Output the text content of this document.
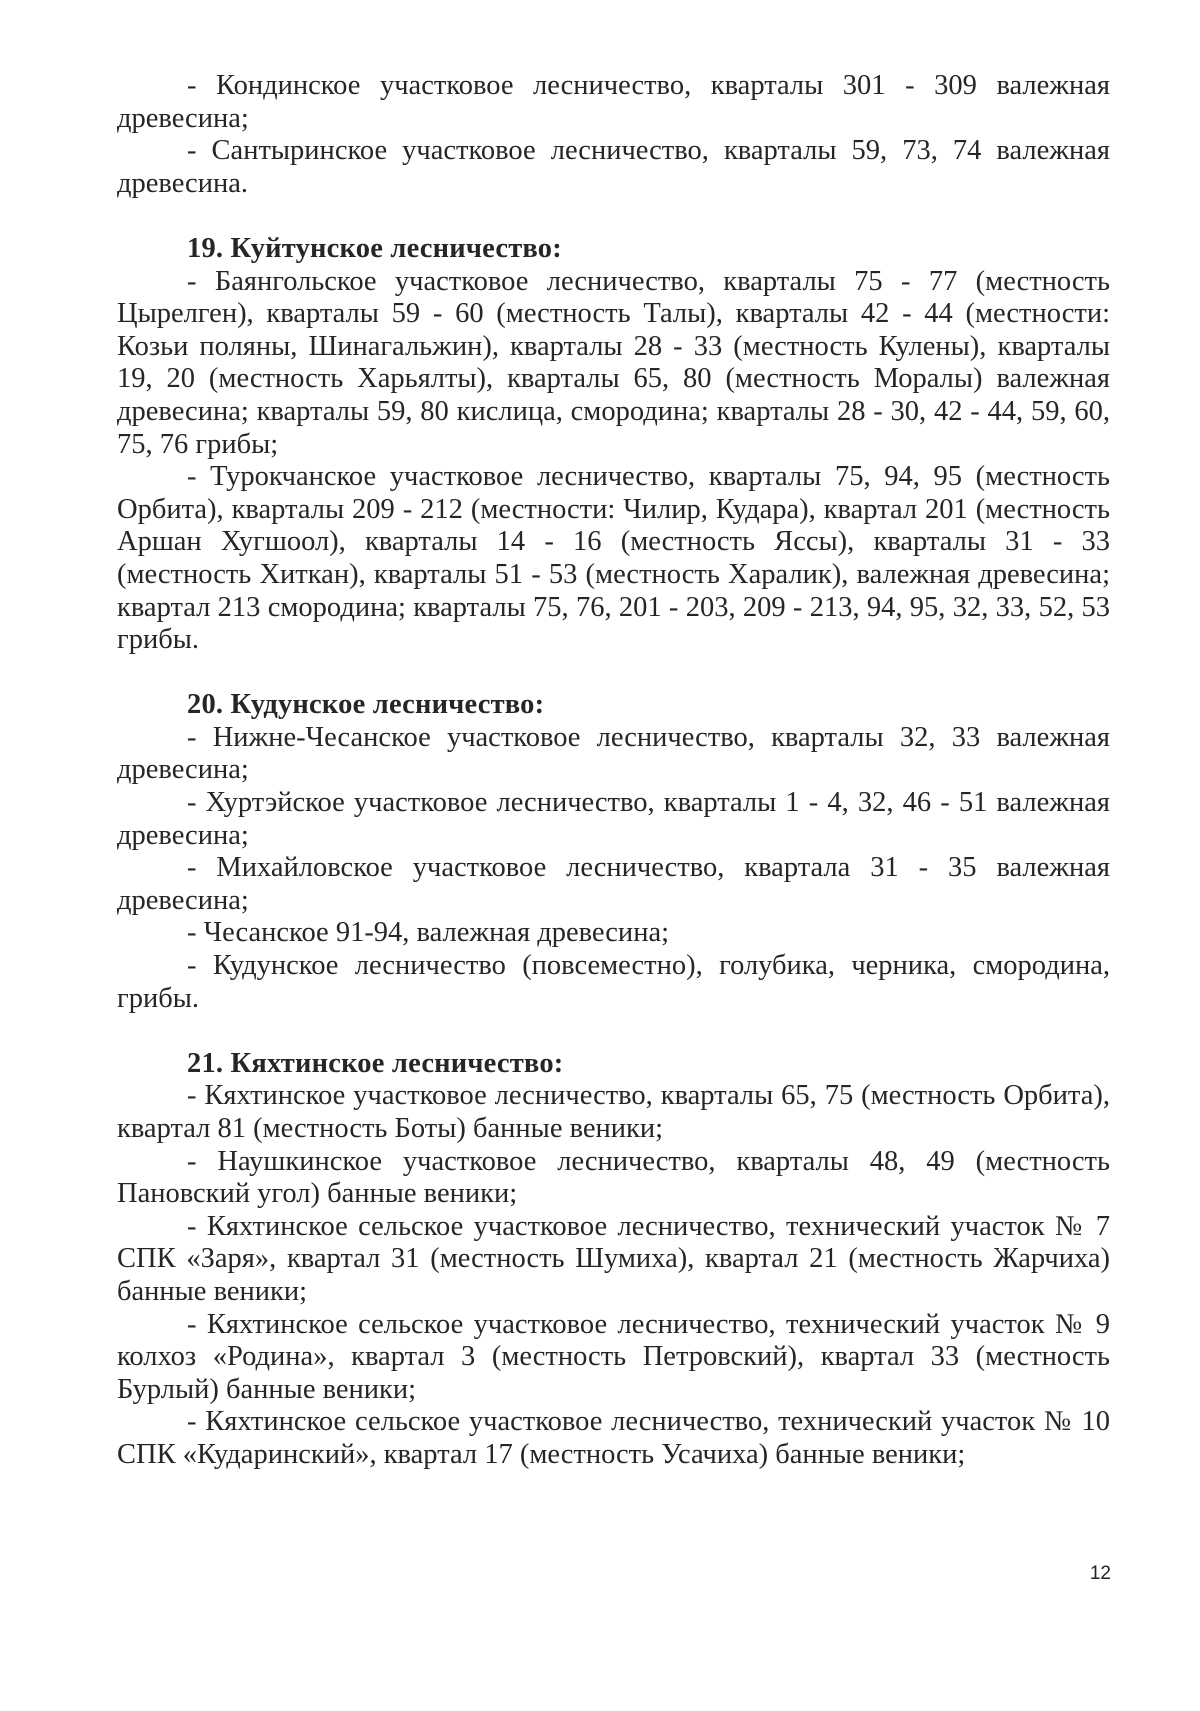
- Кондинское участковое лесничество, кварталы 301 - 309 валежная древесина;

- Сантыринское участковое лесничество, кварталы 59, 73, 74 валежная древесина.

19. Куйтунское лесничество:

- Баянгольское участковое лесничество, кварталы 75 - 77 (местность Цырелген), кварталы 59 - 60 (местность Талы), кварталы 42 - 44 (местности: Козьи поляны, Шинагальжин), кварталы 28 - 33 (местность Кулены), кварталы 19, 20 (местность Харьялты), кварталы 65, 80 (местность Моралы) валежная древесина; кварталы 59, 80 кислица, смородина; кварталы 28 - 30, 42 - 44, 59, 60, 75, 76 грибы;

- Турокчанское участковое лесничество, кварталы 75, 94, 95 (местность Орбита), кварталы 209 - 212 (местности: Чилир, Кудара), квартал 201 (местность Аршан Хугшоол), кварталы 14 - 16 (местность Яссы), кварталы 31 - 33 (местность Хиткан), кварталы 51 - 53 (местность Харалик), валежная древесина; квартал 213 смородина; кварталы 75, 76, 201 - 203, 209 - 213, 94, 95, 32, 33, 52, 53 грибы.

20. Кудунское лесничество:

- Нижне-Чесанское участковое лесничество, кварталы 32, 33 валежная древесина;

- Хуртэйское участковое лесничество, кварталы 1 - 4, 32, 46 - 51 валежная древесина;

- Михайловское участковое лесничество, квартала 31 - 35 валежная древесина;

- Чесанское 91-94, валежная древесина;

- Кудунское лесничество (повсеместно), голубика, черника, смородина, грибы.

21. Кяхтинское лесничество:

- Кяхтинское участковое лесничество, кварталы 65, 75 (местность Орбита), квартал 81 (местность Боты) банные веники;

- Наушкинское участковое лесничество, кварталы 48, 49 (местность Пановский угол) банные веники;

- Кяхтинское сельское участковое лесничество, технический участок № 7 СПК «Заря», квартал 31 (местность Шумиха), квартал 21 (местность Жарчиха) банные веники;

- Кяхтинское сельское участковое лесничество, технический участок № 9 колхоз «Родина», квартал 3 (местность Петровский), квартал 33 (местность Бурлый) банные веники;

- Кяхтинское сельское участковое лесничество, технический участок № 10 СПК «Кударинский», квартал 17 (местность Усачиха) банные веники;

12
